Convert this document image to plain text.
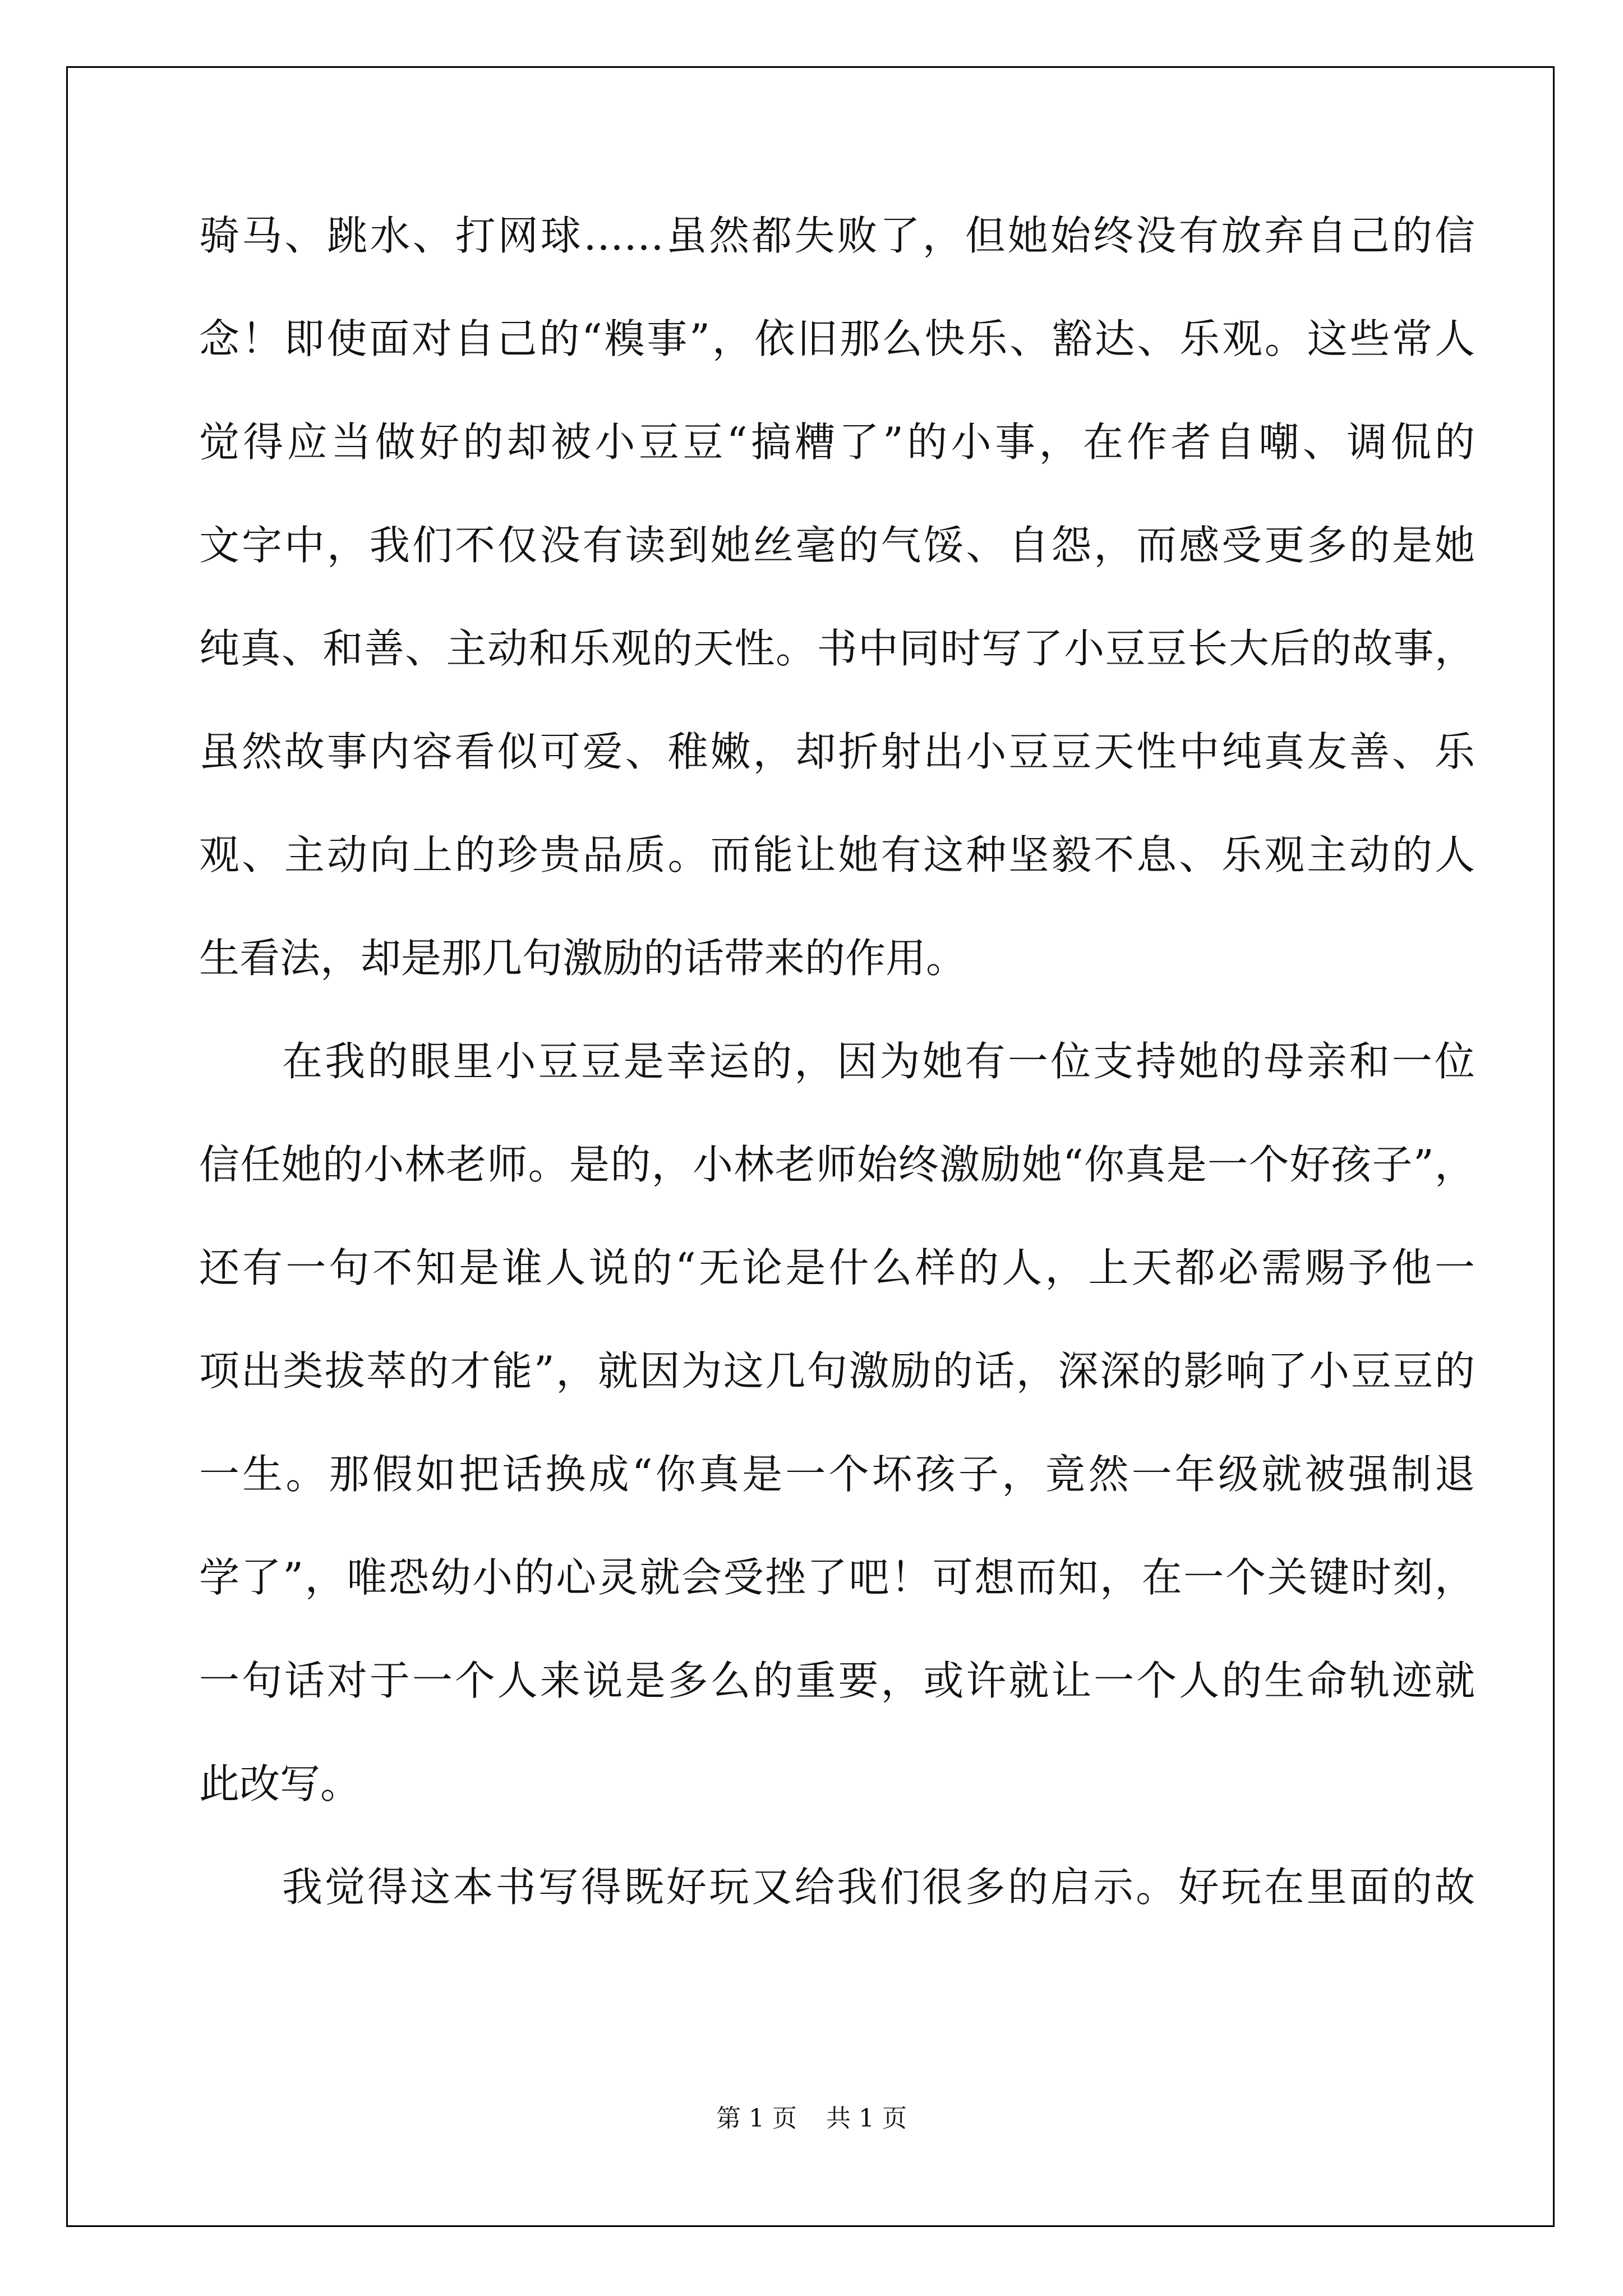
骑马、跳水、打网球……虽然都失败了，但她始终没有放弃自己的信
念！即使面对自己的“糗事”，依旧那么快乐、豁达、乐观。这些常人
觉得应当做好的却被小豆豆“搞糟了”的小事，在作者自嘲、调侃的
文字中，我们不仅没有读到她丝毫的气馁、自怨，而感受更多的是她
纯真、和善、主动和乐观的天性。书中同时写了小豆豆长大后的故事，
虽然故事内容看似可爱、稚嫩，却折射出小豆豆天性中纯真友善、乐
观、主动向上的珍贵品质。而能让她有这种坚毅不息、乐观主动的人
生看法，却是那几句激励的话带来的作用。
在我的眼里小豆豆是幸运的，因为她有一位支持她的母亲和一位
信任她的小林老师。是的，小林老师始终激励她“你真是一个好孩子”，
还有一句不知是谁人说的“无论是什么样的人，上天都必需赐予他一
项出类拔萃的才能”，就因为这几句激励的话，深深的影响了小豆豆的
一生。那假如把话换成“你真是一个坏孩子，竟然一年级就被强制退
学了”，唯恐幼小的心灵就会受挫了吧！可想而知，在一个关键时刻，
一句话对于一个人来说是多么的重要，或许就让一个人的生命轨迹就
此改写。
我觉得这本书写得既好玩又给我们很多的启示。好玩在里面的故
第 1 页 共 1 页
